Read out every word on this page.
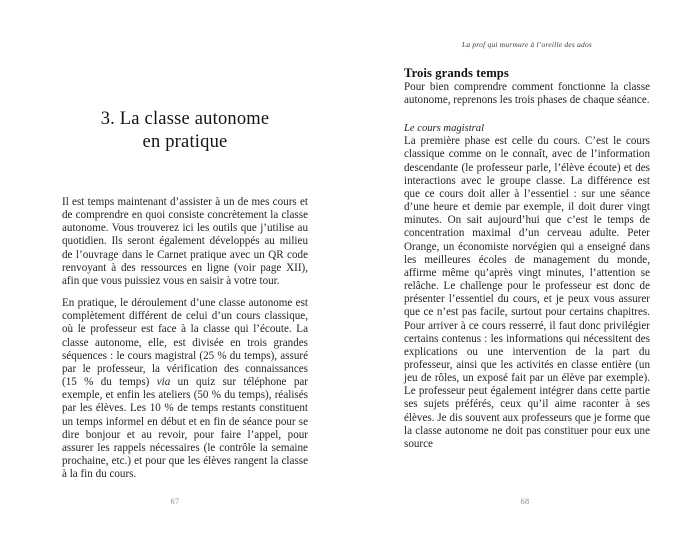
3. La classe autonome
en pratique

Il est temps maintenant d’assister à un de mes cours et de comprendre en quoi consiste concrètement la classe autonome. Vous trouverez ici les outils que j’utilise au quotidien. Ils seront également développés au milieu de l’ouvrage dans le Carnet pratique avec un QR code renvoyant à des ressources en ligne (voir page XII), afin que vous puissiez vous en saisir à votre tour.

En pratique, le déroulement d’une classe autonome est complètement différent de celui d’un cours classique, où le professeur est face à la classe qui l’écoute. La classe autonome, elle, est divisée en trois grandes séquences : le cours magistral (25 % du temps), assuré par le professeur, la vérification des connaissances (15 % du temps) via un quiz sur téléphone par exemple, et enfin les ateliers (50 % du temps), réalisés par les élèves. Les 10 % de temps restants constituent un temps informel en début et en fin de séance pour se dire bonjour et au revoir, pour faire l’appel, pour assurer les rappels nécessaires (le contrôle la semaine prochaine, etc.) et pour que les élèves rangent la classe à la fin du cours.

67
La prof qui murmure à l’oreille des ados
Trois grands temps

Pour bien comprendre comment fonctionne la classe autonome, reprenons les trois phases de chaque séance.

Le cours magistral

La première phase est celle du cours. C’est le cours classique comme on le connaît, avec de l’information descendante (le professeur parle, l’élève écoute) et des interactions avec le groupe classe. La différence est que ce cours doit aller à l’essentiel : sur une séance d’une heure et demie par exemple, il doit durer vingt minutes. On sait aujourd’hui que c’est le temps de concentration maximal d’un cerveau adulte. Peter Orange, un économiste norvégien qui a enseigné dans les meilleures écoles de management du monde, affirme même qu’après vingt minutes, l’attention se relâche. Le challenge pour le professeur est donc de présenter l’essentiel du cours, et je peux vous assurer que ce n’est pas facile, surtout pour certains chapitres. Pour arriver à ce cours resserré, il faut donc privilégier certains contenus : les informations qui nécessitent des explications ou une intervention de la part du professeur, ainsi que les activités en classe entière (un jeu de rôles, un exposé fait par un élève par exemple). Le professeur peut également intégrer dans cette partie ses sujets préférés, ceux qu’il aime raconter à ses élèves. Je dis souvent aux professeurs que je forme que la classe autonome ne doit pas constituer pour eux une source

68
